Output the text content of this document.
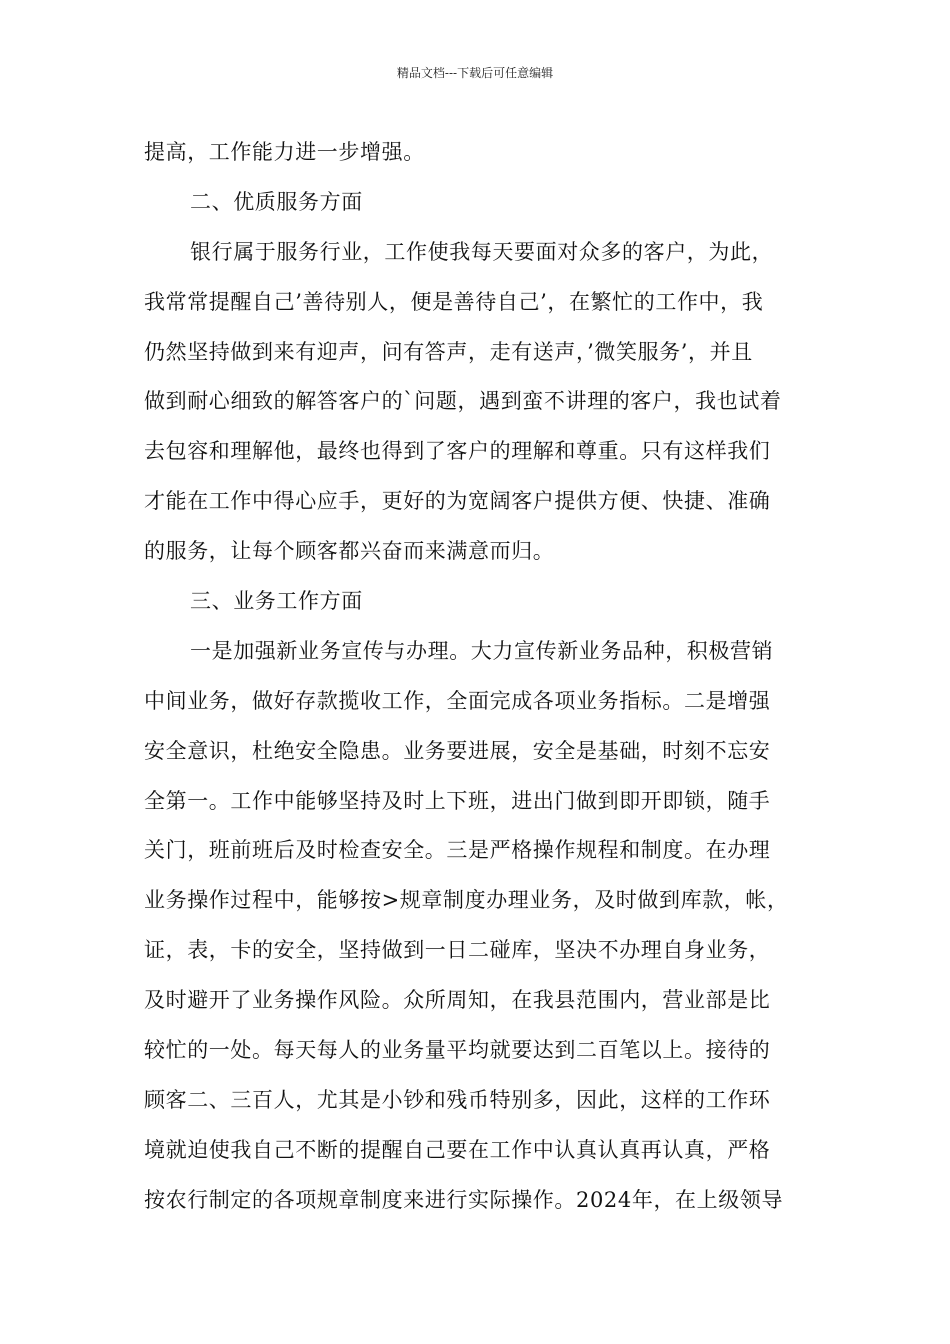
精品文档---下载后可任意编辑
提高，工作能力进一步增强。
二、优质服务方面
银行属于服务行业，工作使我每天要面对众多的客户，为此，
我常常提醒自己’善待别人，便是善待自己’，在繁忙的工作中，我
仍然坚持做到来有迎声，问有答声，走有送声，’微笑服务’，并且
做到耐心细致的解答客户的`问题，遇到蛮不讲理的客户，我也试着
去包容和理解他，最终也得到了客户的理解和尊重。只有这样我们
才能在工作中得心应手，更好的为宽阔客户提供方便、快捷、准确
的服务，让每个顾客都兴奋而来满意而归。
三、业务工作方面
一是加强新业务宣传与办理。大力宣传新业务品种，积极营销
中间业务，做好存款揽收工作，全面完成各项业务指标。二是增强
安全意识，杜绝安全隐患。业务要进展，安全是基础，时刻不忘安
全第一。工作中能够坚持及时上下班，进出门做到即开即锁，随手
关门，班前班后及时检查安全。三是严格操作规程和制度。在办理
业务操作过程中，能够按>规章制度办理业务，及时做到库款，帐，
证，表，卡的安全，坚持做到一日二碰库，坚决不办理自身业务，
及时避开了业务操作风险。众所周知，在我县范围内，营业部是比
较忙的一处。每天每人的业务量平均就要达到二百笔以上。接待的
顾客二、三百人，尤其是小钞和残币特别多，因此，这样的工作环
境就迫使我自己不断的提醒自己要在工作中认真认真再认真，严格
按农行制定的各项规章制度来进行实际操作。2024年，在上级领导
